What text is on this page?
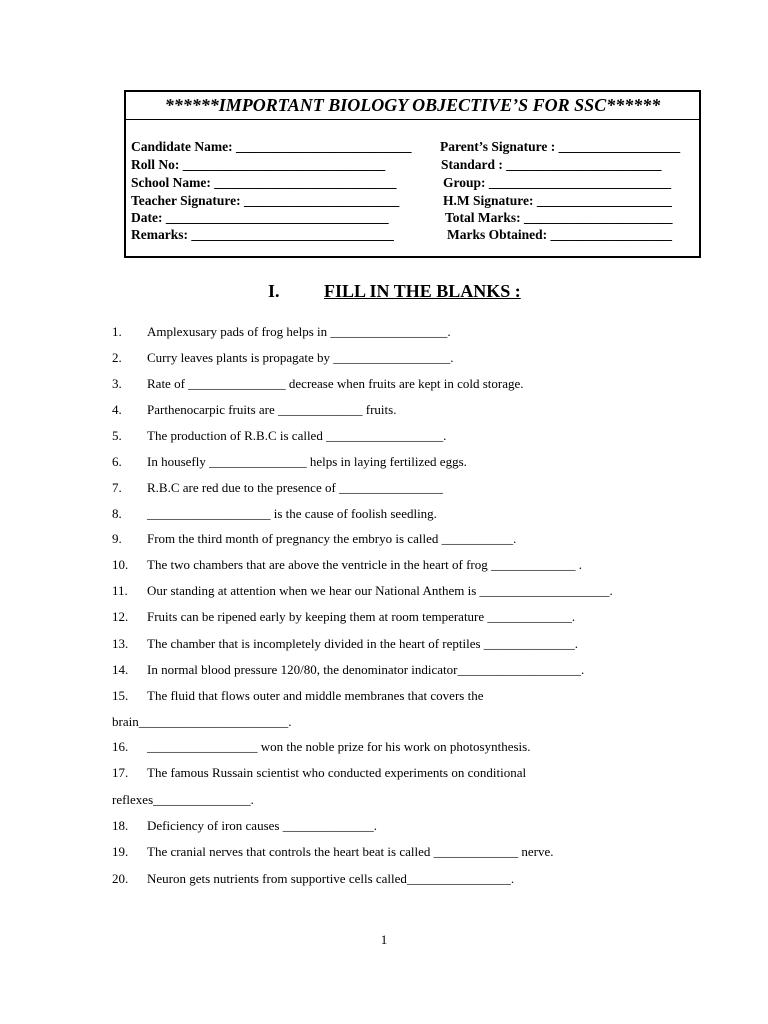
******IMPORTANT BIOLOGY OBJECTIVE’S FOR SSC******
Candidate Name: __________________________
Roll No: ______________________________
School Name: ___________________________
Teacher Signature: _______________________
Date: _________________________________
Remarks: ______________________________
Parent’s Signature : __________________
Standard : _______________________
Group: ___________________________
H.M Signature: ____________________
Total Marks: ______________________
Marks Obtained: __________________
I. FILL IN THE BLANKS :
1. Amplexusary pads of frog helps in __________________.
2. Curry leaves plants is propagate by __________________.
3. Rate of _______________ decrease when fruits are kept in cold storage.
4. Parthenocarpic fruits are _____________ fruits.
5. The production of R.B.C is called __________________.
6. In housefly _______________ helps in laying fertilized eggs.
7. R.B.C are red due to the presence of ________________
8. ___________________ is the cause of foolish seedling.
9. From the third month of pregnancy the embryo is called ___________.
10. The two chambers that are above the ventricle in the heart of frog _____________ .
11. Our standing at attention when we hear our National Anthem is ____________________.
12. Fruits can be ripened early by keeping them at room temperature _____________.
13. The chamber that is incompletely divided in the heart of reptiles ______________.
14. In normal blood pressure 120/80, the denominator indicator___________________.
15. The fluid that flows outer and middle membranes that covers the
brain_______________________.
16. _________________ won the noble prize for his work on photosynthesis.
17. The famous Russain scientist who conducted experiments on conditional
reflexes_______________.
18. Deficiency of iron causes ______________.
19. The cranial nerves that controls the heart beat is called _____________ nerve.
20. Neuron gets nutrients from supportive cells called________________.
1
